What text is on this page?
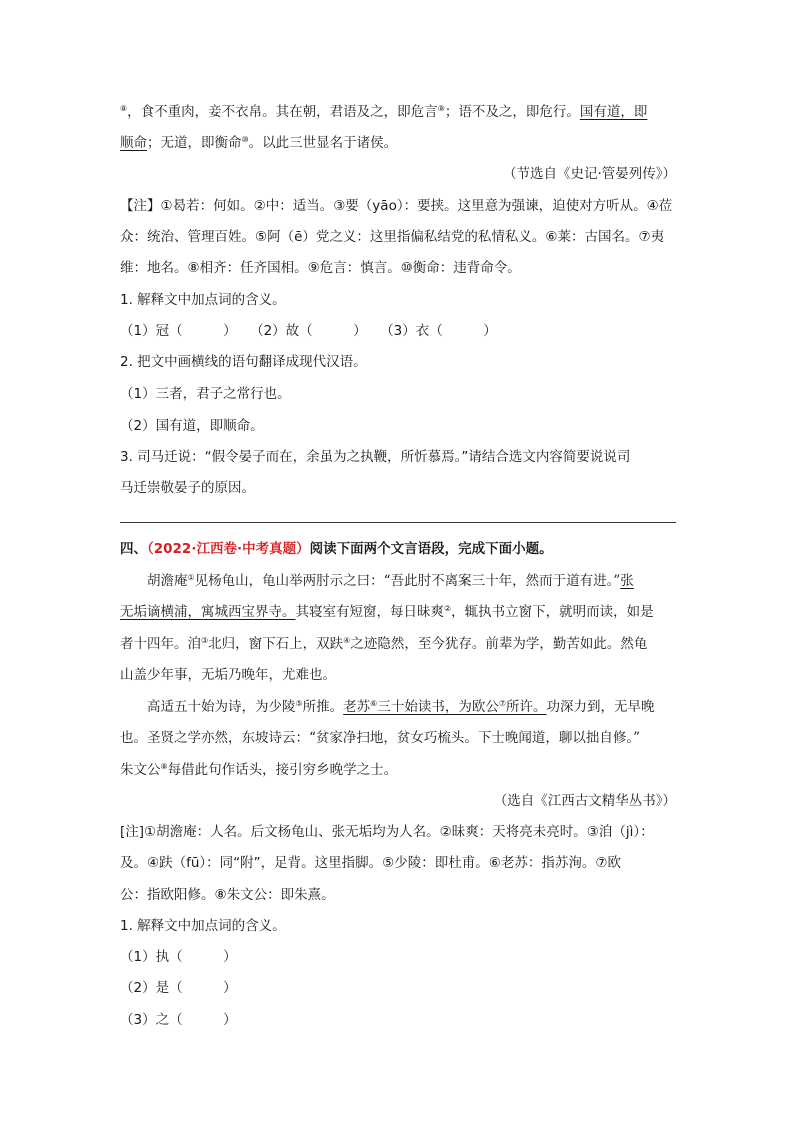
⑧，食不重肉，妾不衣帛。其在朝，君语及之，即危言⑨；语不及之，即危行。国有道，即
顺命；无道，即衡命⑩。以此三世显名于诸侯。
（节选自《史记·管晏列传》）
【注】①曷若：何如。②中：适当。③要（yāo）：要挟。这里意为强谏，迫使对方听从。④莅
众：统治、管理百姓。⑤阿（ē）党之义：这里指偏私结党的私情私义。⑥莱：古国名。⑦夷
维：地名。⑧相齐：任齐国相。⑨危言：慎言。⑩衡命：违背命令。
1. 解释文中加点词的含义。
（1）冠（　　　）　　（2）故（　　　）　　（3）衣（　　　）
2. 把文中画横线的语句翻译成现代汉语。
（1）三者，君子之常行也。
（2）国有道，即顺命。
3. 司马迁说：“假令晏子而在，余虽为之执鞭，所忻慕焉。”请结合选文内容简要说说司
马迁崇敬晏子的原因。
四、（2022·江西卷·中考真题）阅读下面两个文言语段，完成下面小题。
胡澹庵①见杨龟山，龟山举两肘示之曰：“吾此肘不离案三十年，然而于道有进。”张
无垢谪横浦，寓城西宝界寺。其寝室有短窗，每日昧爽②，辄执书立窗下，就明而读，如是
者十四年。洎③北归，窗下石上，双趺④之迹隐然，至今犹存。前辈为学，勤苦如此。然龟
山盖少年事，无垢乃晚年，尤难也。
高适五十始为诗，为少陵⑤所推。老苏⑥三十始读书，为欧公⑦所许。功深力到，无早晚
也。圣贤之学亦然，东坡诗云：“贫家净扫地，贫女巧梳头。下士晚闻道，聊以拙自修。”
朱文公⑧每借此句作话头，接引穷乡晚学之士。
（选自《江西古文精华丛书》）
[注]①胡澹庵：人名。后文杨龟山、张无垢均为人名。②昧爽：天将亮未亮时。③洎（jì）：
及。④趺（fū）：同“附”，足背。这里指脚。⑤少陵：即杜甫。⑥老苏：指苏洵。⑦欧
公：指欧阳修。⑧朱文公：即朱熹。
1. 解释文中加点词的含义。
（1）执（　　　）
（2）是（　　　）
（3）之（　　　）
